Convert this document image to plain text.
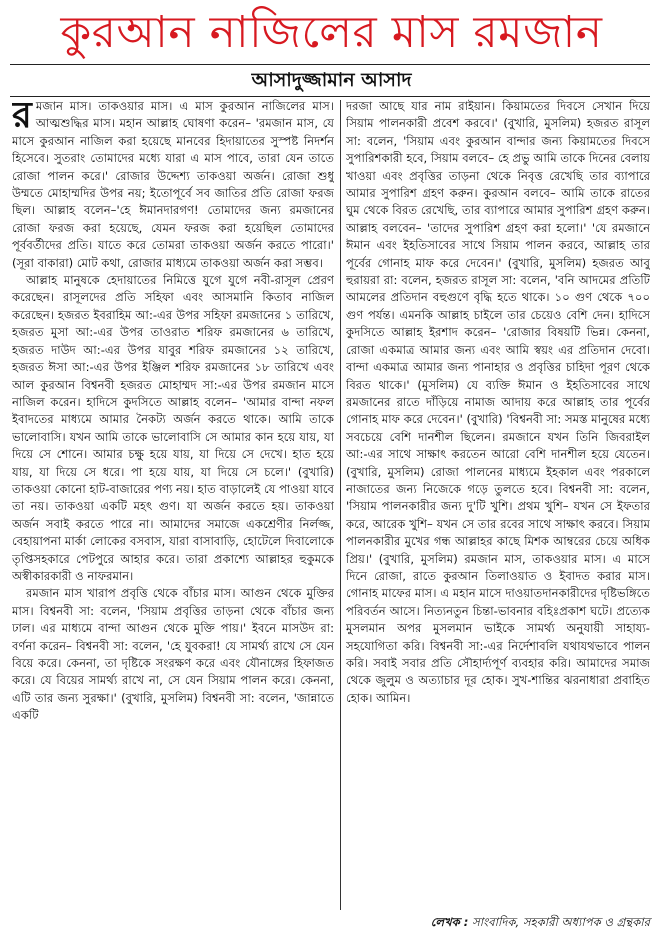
কুরআন নাজিলের মাস রমজান
আসাদুজ্জামান আসাদ

রমজান মাস। তাকওয়ার মাস। এ মাস কুরআন নাজিলের মাস। আত্মশুদ্ধির মাস। মহান আল্লাহ ঘোষণা করেন– 'রমজান মাস, যে মাসে কুরআন নাজিল করা হয়েছে মানবের হিদায়াতের সুস্পষ্ট নিদর্শন হিসেবে। সুতরাং তোমাদের মধ্যে যারা এ মাস পাবে, তারা যেন তাতে রোজা পালন করে।' রোজার উদ্দেশ্য তাকওয়া অর্জন। রোজা শুধু উম্মতে মোহাম্মদির উপর নয়; ইতোপূর্বে সব জাতির প্রতি রোজা ফরজ ছিল। আল্লাহ বলেন–'হে ঈমানদারগণ! তোমাদের জন্য রমজানের রোজা ফরজ করা হয়েছে, যেমন ফরজ করা হয়েছিল তোমাদের পূর্ববর্তীদের প্রতি। যাতে করে তোমরা তাকওয়া অর্জন করতে পারো।' (সূরা বাকারা) মোট কথা, রোজার মাধ্যমে তাকওয়া অর্জন করা সম্ভব।

আল্লাহ মানুষকে হেদায়াতের নিমিত্তে যুগে যুগে নবী-রাসূল প্রেরণ করেছেন। রাসূলদের প্রতি সহিফা এবং আসমানি কিতাব নাজিল করেছেন। হজরত ইবরাহিম আ:-এর উপর সহিফা রমজানের ১ তারিখে, হজরত মুসা আ:-এর উপর তাওরাত শরিফ রমজানের ৬ তারিখে, হজরত দাউদ আ:-এর উপর যাবুর শরিফ রমজানের ১২ তারিখে, হজরত ঈসা আ:-এর উপর ইঞ্জিল শরিফ রমজানের ১৮ তারিখে এবং আল কুরআন বিশ্বনবী হজরত মোহাম্মদ সা:-এর উপর রমজান মাসে নাজিল করেন। হাদিসে কুদসিতে আল্লাহ বলেন– 'আমার বান্দা নফল ইবাদতের মাধ্যমে আমার নৈকট্য অর্জন করতে থাকে। আমি তাকে ভালোবাসি। যখন আমি তাকে ভালোবাসি সে আমার কান হয়ে যায়, যা দিয়ে সে শোনে। আমার চক্ষু হয়ে যায়, যা দিয়ে সে দেখে। হাত হয়ে যায়, যা দিয়ে সে ধরে। পা হয়ে যায়, যা দিয়ে সে চলে।' (বুখারি) তাকওয়া কোনো হাট-বাজারের পণ্য নয়। হাত বাড়ালেই যে পাওয়া যাবে তা নয়। তাকওয়া একটি মহৎ গুণ। যা অর্জন করতে হয়। তাকওয়া অর্জন সবাই করতে পারে না। আমাদের সমাজে একশ্রেণীর নির্লজ্জ, বেহায়াপনা মার্কা লোকের বসবাস, যারা বাসাবাড়ি, হোটেলে দিবালোকে তৃপ্তিসহকারে পেটপুরে আহার করে। তারা প্রকাশ্যে আল্লাহর হুকুমকে অস্বীকারকারী ও নাফরমান।

রমজান মাস খারাপ প্রবৃত্তি থেকে বাঁচার মাস। আগুন থেকে মুক্তির মাস। বিশ্বনবী সা: বলেন, 'সিয়াম প্রবৃত্তির তাড়না থেকে বাঁচার জন্য ঢাল। এর মাধ্যমে বান্দা আগুন থেকে মুক্তি পায়।' ইবনে মাসউদ রা: বর্ণনা করেন– বিশ্বনবী সা: বলেন, 'হে যুবকরা! যে সামর্থ্য রাখে সে যেন বিয়ে করে। কেননা, তা দৃষ্টিকে সংরক্ষণ করে এবং যৌনাঙ্গের হিফাজত করে। যে বিয়ের সামর্থ্য রাখে না, সে যেন সিয়াম পালন করে। কেননা, এটি তার জন্য সুরক্ষা।' (বুখারি, মুসলিম) বিশ্বনবী সা: বলেন, 'জান্নাতে একটি

দরজা আছে যার নাম রাইয়ান। কিয়ামতের দিবসে সেখান দিয়ে সিয়াম পালনকারী প্রবেশ করবে।' (বুখারি, মুসলিম) হজরত রাসূল সা: বলেন, 'সিয়াম এবং কুরআন বান্দার জন্য কিয়ামতের দিবসে সুপারিশকারী হবে, সিয়াম বলবে– হে প্রভু আমি তাকে দিনের বেলায় খাওয়া এবং প্রবৃত্তির তাড়না থেকে নিবৃত্ত রেখেছি তার ব্যাপারে আমার সুপারিশ গ্রহণ করুন। কুরআন বলবে– আমি তাকে রাতের ঘুম থেকে বিরত রেখেছি, তার ব্যাপারে আমার সুপারিশ গ্রহণ করুন। আল্লাহ বলবেন– 'তাদের সুপারিশ গ্রহণ করা হলো।' 'যে রমজানে ঈমান এবং ইহতিসাবের সাথে সিয়াম পালন করবে, আল্লাহ তার পূর্বের গোনাহ মাফ করে দেবেন।' (বুখারি, মুসলিম) হজরত আবু হুরায়রা রা: বলেন, হজরত রাসূল সা: বলেন, 'বনি আদমের প্রতিটি আমলের প্রতিদান বহুগুণে বৃদ্ধি হতে থাকে। ১০ গুণ থেকে ৭০০ গুণ পর্যন্ত। এমনকি আল্লাহ চাইলে তার চেয়েও বেশি দেন। হাদিসে কুদসিতে আল্লাহ ইরশাদ করেন– 'রোজার বিষয়টি ভিন্ন। কেননা, রোজা একমাত্র আমার জন্য এবং আমি স্বয়ং এর প্রতিদান দেবো। বান্দা একমাত্র আমার জন্য পানাহার ও প্রবৃত্তির চাহিদা পূরণ থেকে বিরত থাকে।' (মুসলিম) যে ব্যক্তি ঈমান ও ইহতিসাবের সাথে রমজানের রাতে দাঁড়িয়ে নামাজ আদায় করে আল্লাহ তার পূর্বের গোনাহ মাফ করে দেবেন।' (বুখারি) 'বিশ্বনবী সা: সমস্ত মানুষের মধ্যে সবচেয়ে বেশি দানশীল ছিলেন। রমজানে যখন তিনি জিবরাইল আ:-এর সাথে সাক্ষাৎ করতেন আরো বেশি দানশীল হয়ে যেতেন। (বুখারি, মুসলিম) রোজা পালনের মাধ্যমে ইহকাল এবং পরকালে নাজাতের জন্য নিজেকে গড়ে তুলতে হবে। বিশ্বনবী সা: বলেন, 'সিয়াম পালনকারীর জন্য দু'টি খুশি। প্রথম খুশি– যখন সে ইফতার করে, আরেক খুশি– যখন সে তার রবের সাথে সাক্ষাৎ করবে। সিয়াম পালনকারীর মুখের গন্ধ আল্লাহর কাছে মিশক আম্বরের চেয়ে অধিক প্রিয়।' (বুখারি, মুসলিম) রমজান মাস, তাকওয়ার মাস। এ মাসে দিনে রোজা, রাতে কুরআন তিলাওয়াত ও ইবাদত করার মাস। গোনাহ মাফের মাস। এ মহান মাসে দাওয়াতদানকারীদের দৃষ্টিভঙ্গিতে পরিবর্তন আসে। নিত্যনতুন চিন্তা-ভাবনার বহিঃপ্রকাশ ঘটে। প্রত্যেক মুসলমান অপর মুসলমান ভাইকে সামর্থ্য অনুযায়ী সাহায্য-সহযোগিতা করি। বিশ্বনবী সা:-এর নির্দেশাবলি যথাযথভাবে পালন করি। সবাই সবার প্রতি সৌহার্দ্যপূর্ণ ব্যবহার করি। আমাদের সমাজ থেকে জুলুম ও অত্যাচার দূর হোক। সুখ-শান্তির ঝরনাধারা প্রবাহিত হোক। আমিন।

লেখক : সাংবাদিক, সহকারী অধ্যাপক ও গ্রন্থকার
